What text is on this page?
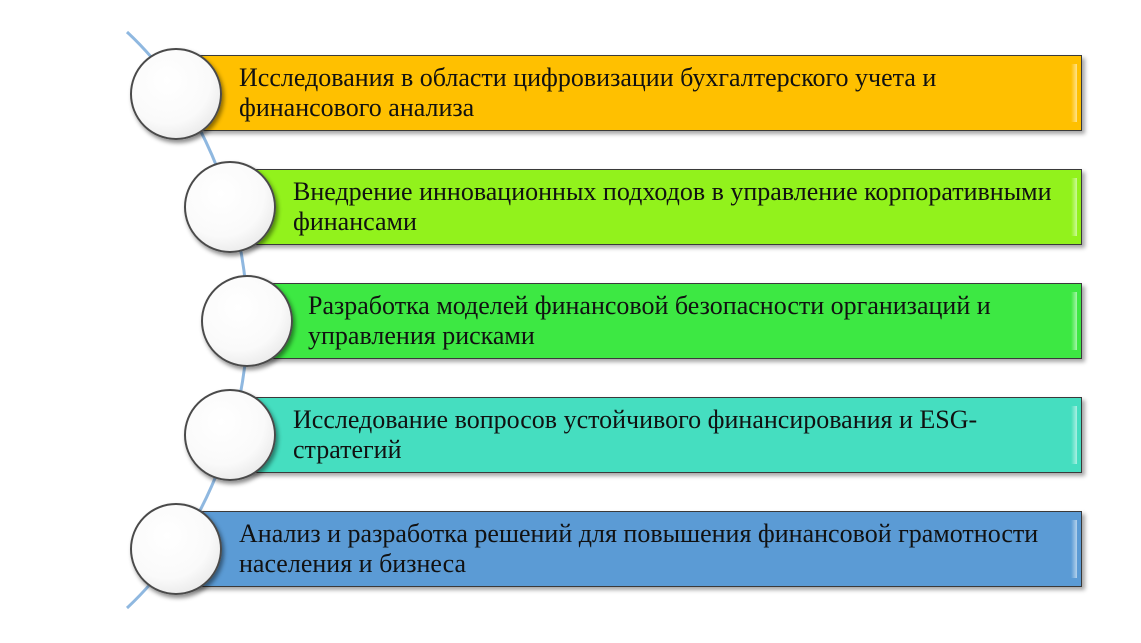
Исследования в области цифровизации бухгалтерского учета и финансового анализа
Внедрение инновационных подходов в управление корпоративными финансами
Разработка моделей финансовой безопасности организаций и управления рисками
Исследование вопросов устойчивого финансирования и ESG-стратегий
Анализ и разработка решений для повышения финансовой грамотности населения и бизнеса
